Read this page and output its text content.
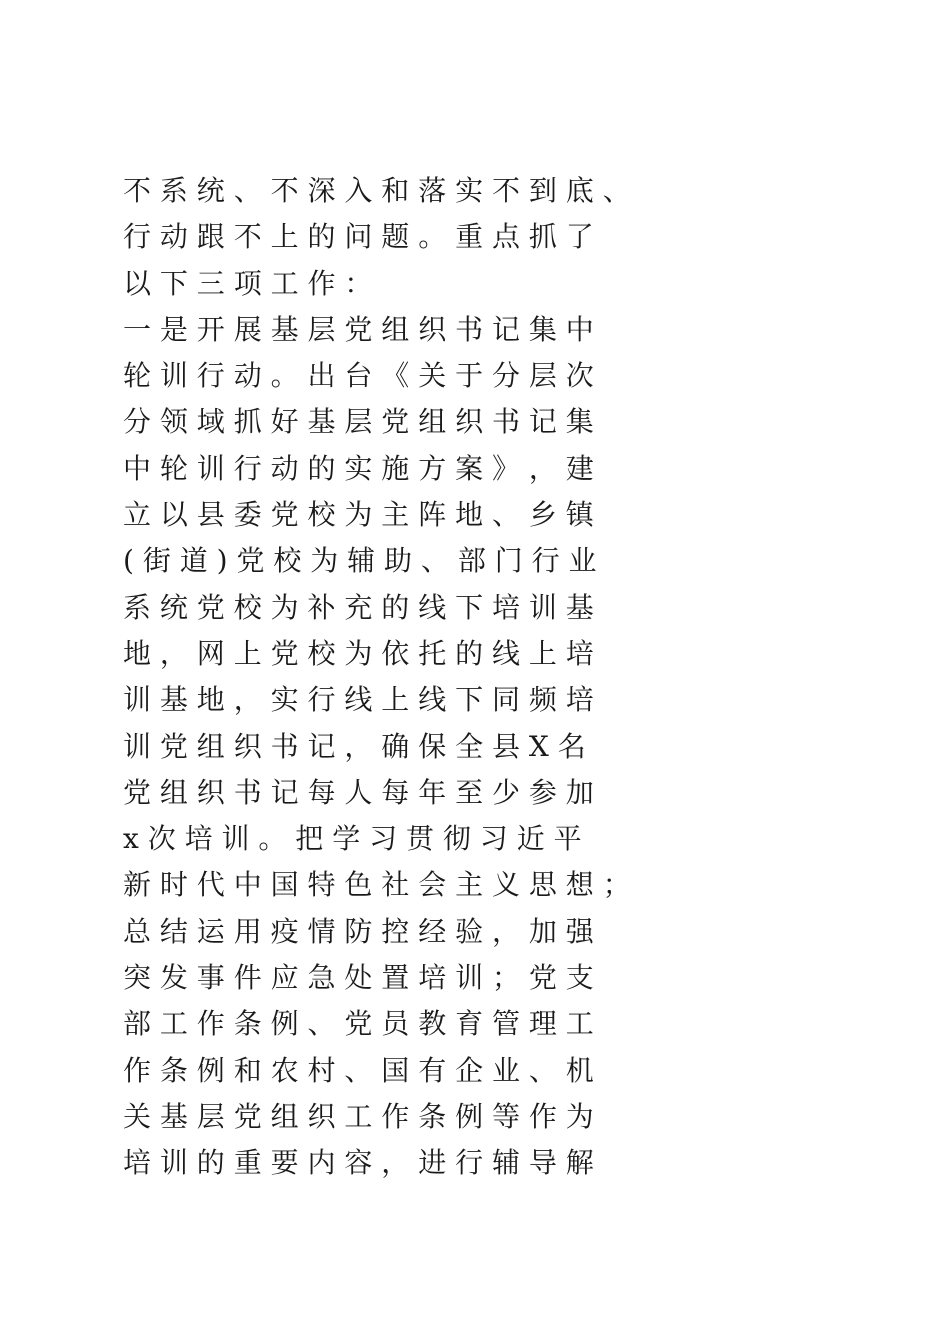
不 系 统 、 不 深 入 和 落 实 不 到 底 、
行 动 跟 不 上 的 问 题 。 重 点 抓 了
以 下 三 项 工 作 ：
一 是 开 展 基 层 党 组 织 书 记 集 中
轮 训 行 动 。 出 台 《 关 于 分 层 次
分 领 域 抓 好 基 层 党 组 织 书 记 集
中 轮 训 行 动 的 实 施 方 案 》 ， 建
立 以 县 委 党 校 为 主 阵 地 、 乡 镇
( 街 道 ) 党 校 为 辅 助 、 部 门 行 业
系 统 党 校 为 补 充 的 线 下 培 训 基
地 ， 网 上 党 校 为 依 托 的 线 上 培
训 基 地 ， 实 行 线 上 线 下 同 频 培
训 党 组 织 书 记 ， 确 保 全 县 X 名
党 组 织 书 记 每 人 每 年 至 少 参 加
x 次 培 训 。 把 学 习 贯 彻 习 近 平
新 时 代 中 国 特 色 社 会 主 义 思 想 ；
总 结 运 用 疫 情 防 控 经 验 ， 加 强
突 发 事 件 应 急 处 置 培 训 ； 党 支
部 工 作 条 例 、 党 员 教 育 管 理 工
作 条 例 和 农 村 、 国 有 企 业 、 机
关 基 层 党 组 织 工 作 条 例 等 作 为
培 训 的 重 要 内 容 ， 进 行 辅 导 解
